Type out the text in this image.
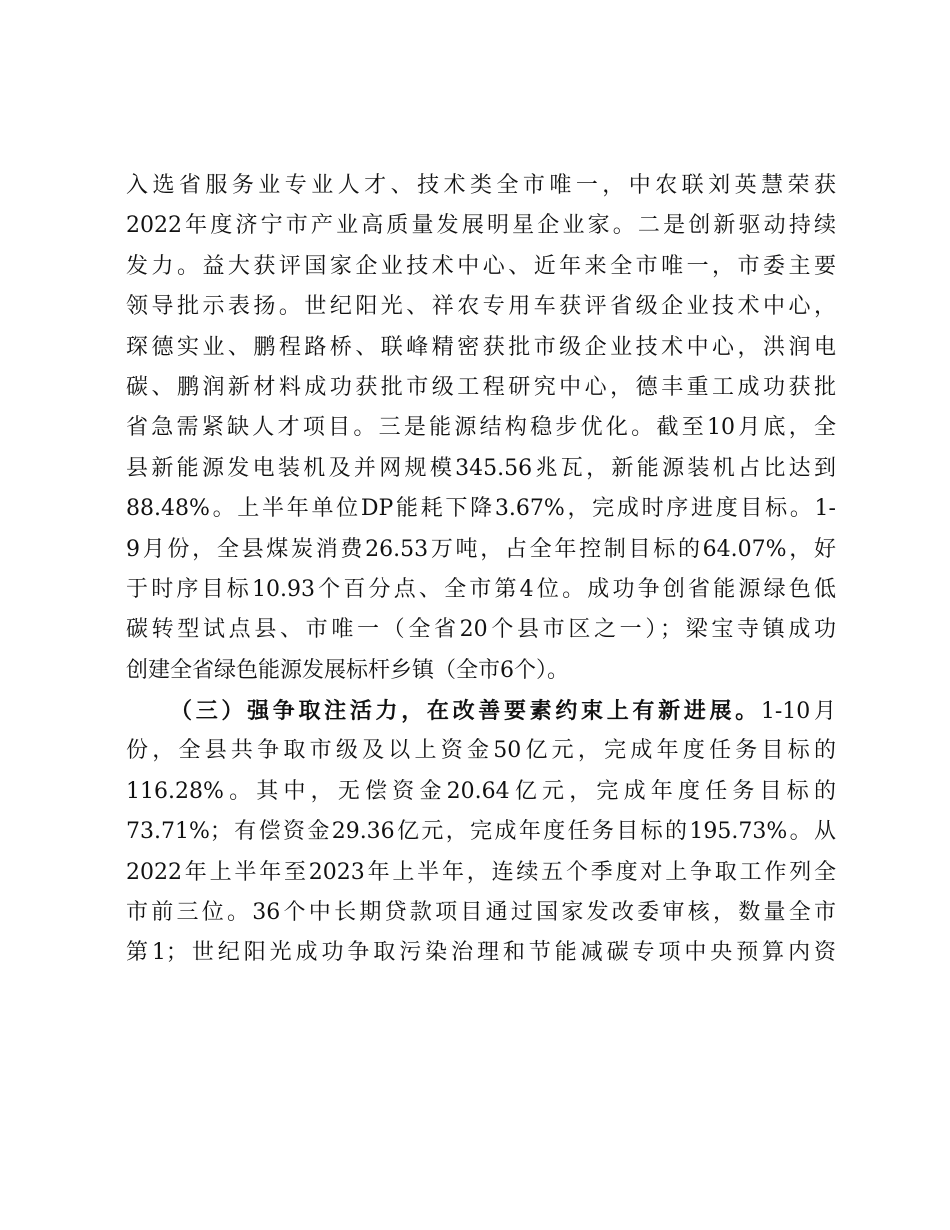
入选省服务业专业人才、技术类全市唯一，中农联刘英慧荣获
2022年度济宁市产业高质量发展明星企业家。二是创新驱动持续
发力。益大获评国家企业技术中心、近年来全市唯一，市委主要
领导批示表扬。世纪阳光、祥农专用车获评省级企业技术中心，
琛德实业、鹏程路桥、联峰精密获批市级企业技术中心，洪润电
碳、鹏润新材料成功获批市级工程研究中心，德丰重工成功获批
省急需紧缺人才项目。三是能源结构稳步优化。截至10月底，全
县新能源发电装机及并网规模345.56兆瓦，新能源装机占比达到
88.48%。上半年单位DP能耗下降3.67%，完成时序进度目标。1-
9月份，全县煤炭消费26.53万吨，占全年控制目标的64.07%，好
于时序目标10.93个百分点、全市第4位。成功争创省能源绿色低
碳转型试点县、市唯一（全省20个县市区之一）；梁宝寺镇成功
创建全省绿色能源发展标杆乡镇（全市6个）。
（三）强争取注活力，在改善要素约束上有新进展。1-10月
份，全县共争取市级及以上资金50亿元，完成年度任务目标的
116.28%。其中，无偿资金20.64亿元，完成年度任务目标的
73.71%；有偿资金29.36亿元，完成年度任务目标的195.73%。从
2022年上半年至2023年上半年，连续五个季度对上争取工作列全
市前三位。36个中长期贷款项目通过国家发改委审核，数量全市
第1；世纪阳光成功争取污染治理和节能减碳专项中央预算内资
